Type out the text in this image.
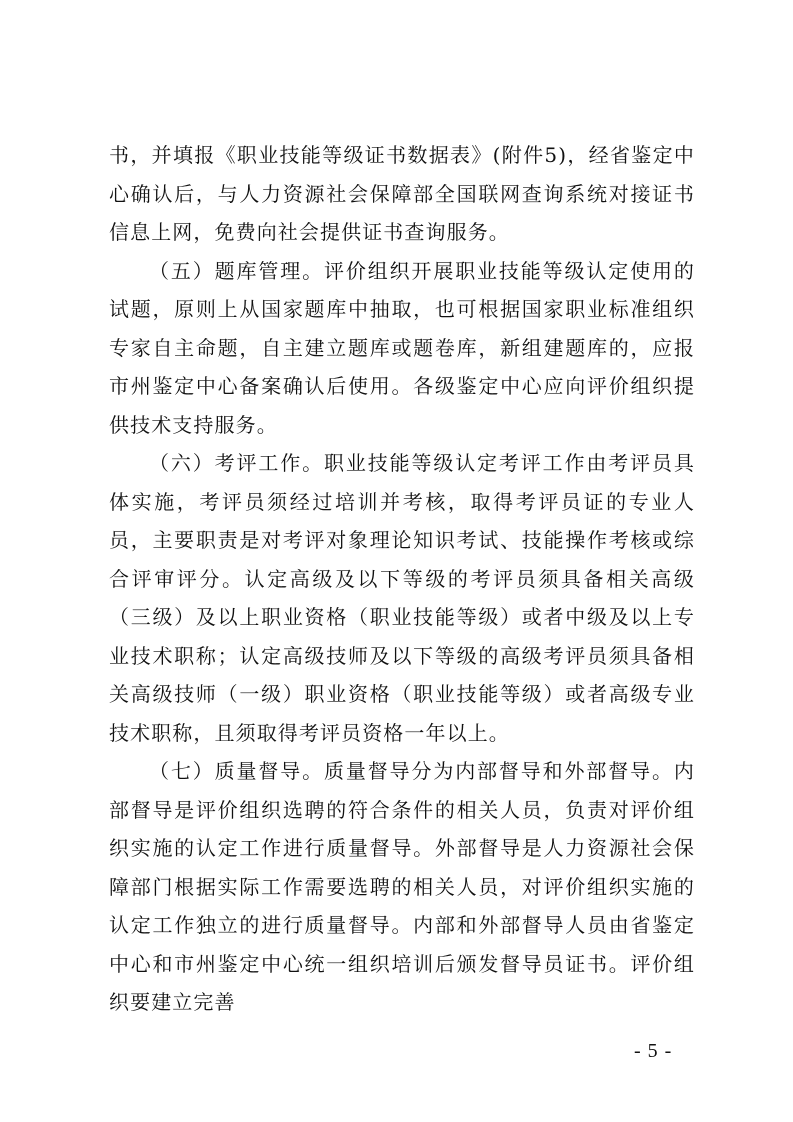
书，并填报《职业技能等级证书数据表》(附件5)，经省鉴定中心确认后，与人力资源社会保障部全国联网查询系统对接证书信息上网，免费向社会提供证书查询服务。

（五）题库管理。评价组织开展职业技能等级认定使用的试题，原则上从国家题库中抽取，也可根据国家职业标准组织专家自主命题，自主建立题库或题卷库，新组建题库的，应报市州鉴定中心备案确认后使用。各级鉴定中心应向评价组织提供技术支持服务。

（六）考评工作。职业技能等级认定考评工作由考评员具体实施，考评员须经过培训并考核，取得考评员证的专业人员，主要职责是对考评对象理论知识考试、技能操作考核或综合评审评分。认定高级及以下等级的考评员须具备相关高级（三级）及以上职业资格（职业技能等级）或者中级及以上专业技术职称；认定高级技师及以下等级的高级考评员须具备相关高级技师（一级）职业资格（职业技能等级）或者高级专业技术职称，且须取得考评员资格一年以上。

（七）质量督导。质量督导分为内部督导和外部督导。内部督导是评价组织选聘的符合条件的相关人员，负责对评价组织实施的认定工作进行质量督导。外部督导是人力资源社会保障部门根据实际工作需要选聘的相关人员，对评价组织实施的认定工作独立的进行质量督导。内部和外部督导人员由省鉴定中心和市州鉴定中心统一组织培训后颁发督导员证书。评价组织要建立完善

- 5 -
